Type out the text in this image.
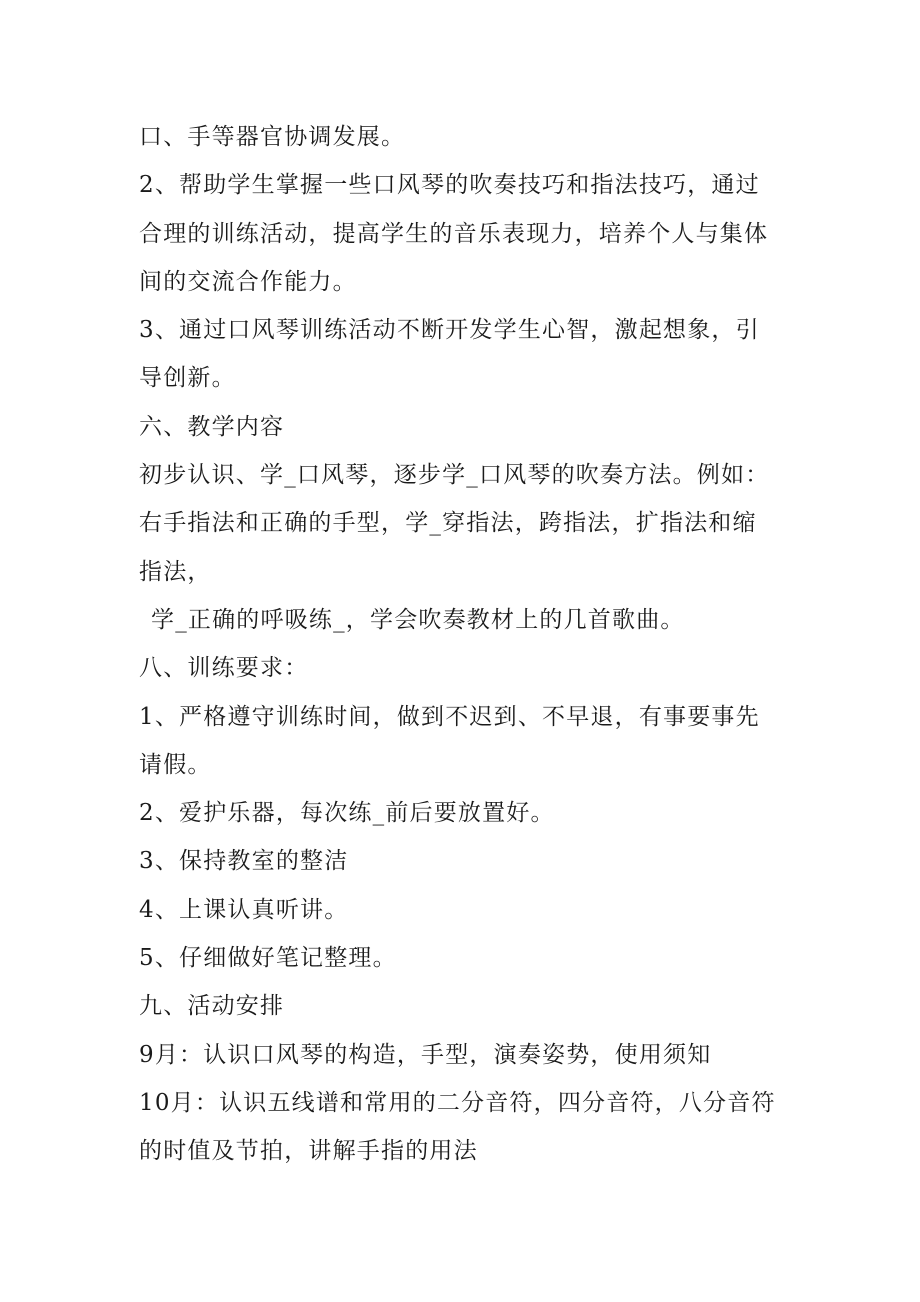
口、手等器官协调发展。
2、帮助学生掌握一些口风琴的吹奏技巧和指法技巧，通过
合理的训练活动，提高学生的音乐表现力，培养个人与集体
间的交流合作能力。
3、通过口风琴训练活动不断开发学生心智，激起想象，引
导创新。
六、教学内容
初步认识、学_口风琴，逐步学_口风琴的吹奏方法。例如：
右手指法和正确的手型，学_穿指法，跨指法，扩指法和缩
指法，
学_正确的呼吸练_，学会吹奏教材上的几首歌曲。
八、训练要求：
1、严格遵守训练时间，做到不迟到、不早退，有事要事先
请假。
2、爱护乐器，每次练_前后要放置好。
3、保持教室的整洁
4、上课认真听讲。
5、仔细做好笔记整理。
九、活动安排
9月：认识口风琴的构造，手型，演奏姿势，使用须知
10月：认识五线谱和常用的二分音符，四分音符，八分音符
的时值及节拍，讲解手指的用法
